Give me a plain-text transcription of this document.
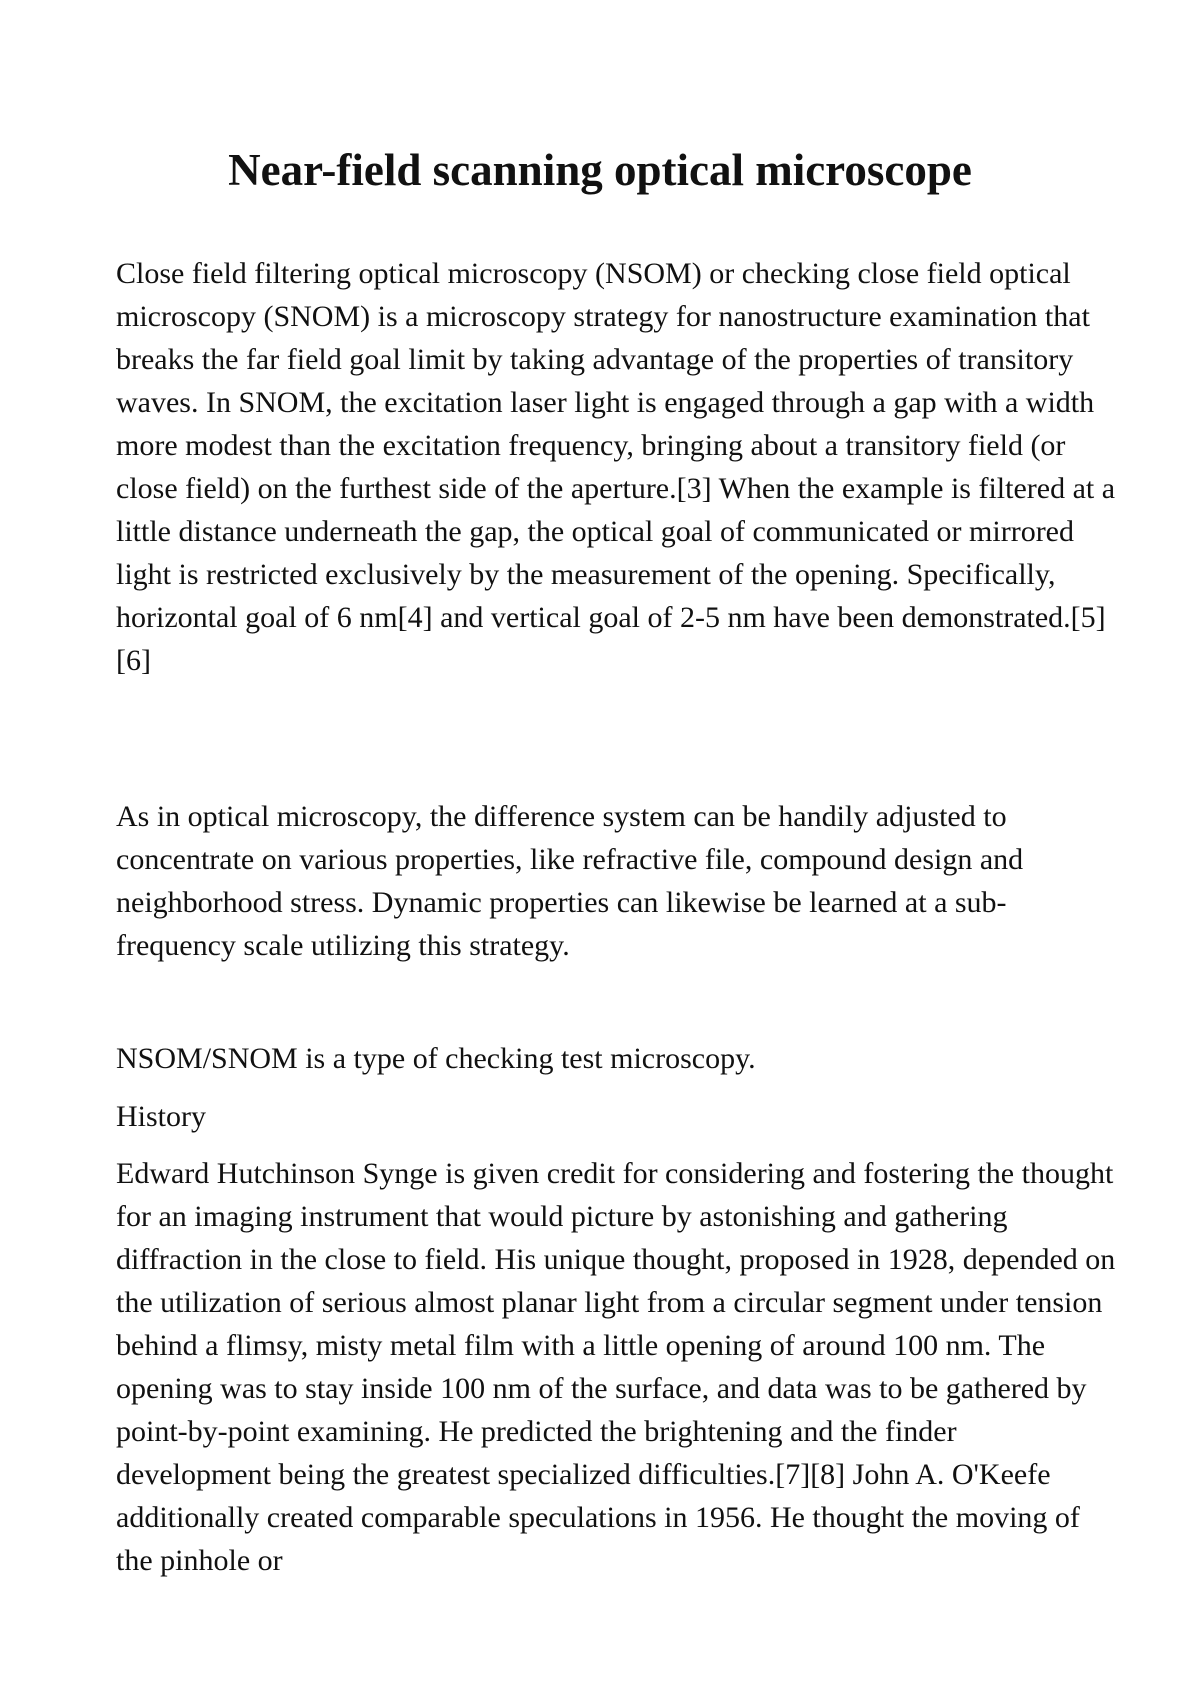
Near-field scanning optical microscope

Close field filtering optical microscopy (NSOM) or checking close field optical microscopy (SNOM) is a microscopy strategy for nanostructure examination that breaks the far field goal limit by taking advantage of the properties of transitory waves. In SNOM, the excitation laser light is engaged through a gap with a width more modest than the excitation frequency, bringing about a transitory field (or close field) on the furthest side of the aperture.[3] When the example is filtered at a little distance underneath the gap, the optical goal of communicated or mirrored light is restricted exclusively by the measurement of the opening. Specifically, horizontal goal of 6 nm[4] and vertical goal of 2-5 nm have been demonstrated.[5][6]

As in optical microscopy, the difference system can be handily adjusted to concentrate on various properties, like refractive file, compound design and neighborhood stress. Dynamic properties can likewise be learned at a sub-frequency scale utilizing this strategy.

NSOM/SNOM is a type of checking test microscopy.

History

Edward Hutchinson Synge is given credit for considering and fostering the thought for an imaging instrument that would picture by astonishing and gathering diffraction in the close to field. His unique thought, proposed in 1928, depended on the utilization of serious almost planar light from a circular segment under tension behind a flimsy, misty metal film with a little opening of around 100 nm. The opening was to stay inside 100 nm of the surface, and data was to be gathered by point-by-point examining. He predicted the brightening and the finder development being the greatest specialized difficulties.[7][8] John A. O'Keefe additionally created comparable speculations in 1956. He thought the moving of the pinhole or
